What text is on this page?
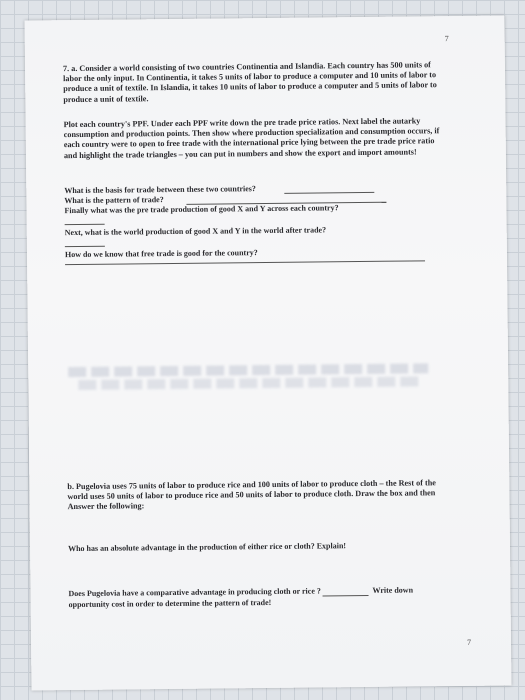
7
7. a. Consider a world consisting of two countries Continentia and Islandia. Each country has 500 units of labor the only input. In Continentia, it takes 5 units of labor to produce a computer and 10 units of labor to produce a unit of textile. In Islandia, it takes 10 units of labor to produce a computer and 5 units of labor to produce a unit of textile.
Plot each country's PPF. Under each PPF write down the pre trade price ratios. Next label the autarky consumption and production points. Then show where production specialization and consumption occurs, if each country were to open to free trade with the international price lying between the pre trade price ratio and highlight the trade triangles – you can put in numbers and show the export and import amounts!
What is the basis for trade between these two countries?
What is the pattern of trade?
Finally what was the pre trade production of good X and Y across each country?
Next, what is the world production of good X and Y in the world after trade?
How do we know that free trade is good for the country?
b. Pugelovia uses 75 units of labor to produce rice and 100 units of labor to produce cloth – the Rest of the world uses 50 units of labor to produce rice and 50 units of labor to produce cloth. Draw the box and then Answer the following:
Who has an absolute advantage in the production of either rice or cloth? Explain!
Does Pugelovia have a comparative advantage in producing cloth or rice ?	Write down
opportunity cost in order to determine the pattern of trade!
7
